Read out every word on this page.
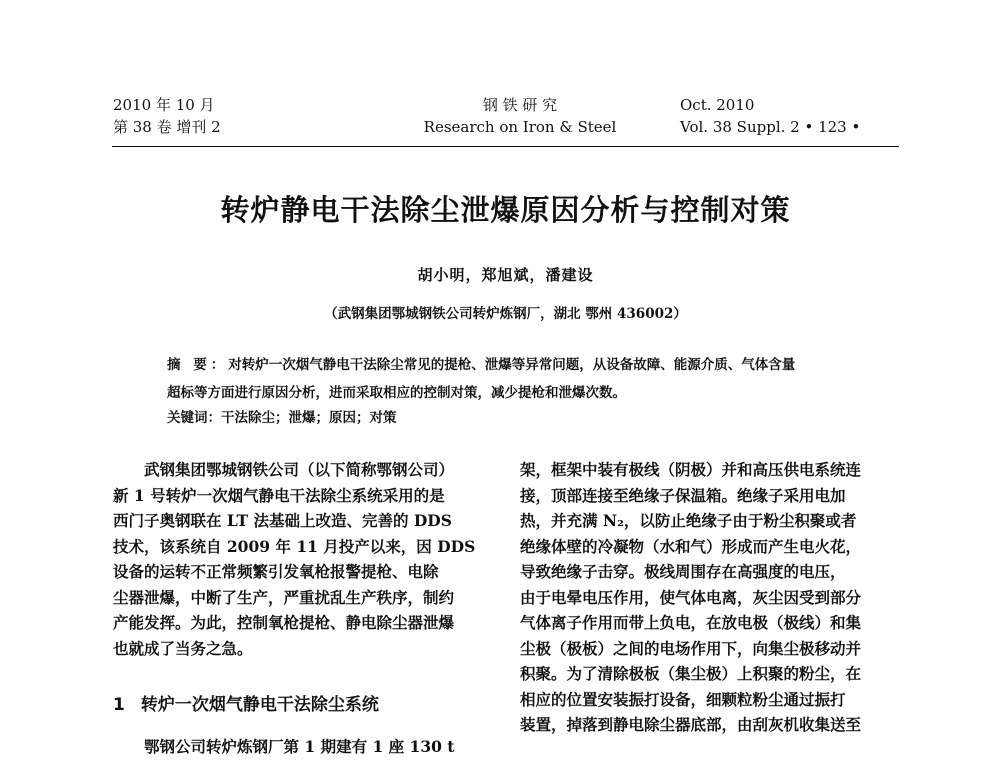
2010 年 10 月
第 38 卷 增刊 2
钢 铁 研 究
Research on Iron & Steel
Oct. 2010
Vol. 38 Suppl. 2 • 123 •
转炉静电干法除尘泄爆原因分析与控制对策
胡小明，郑旭斌，潘建设
（武钢集团鄂城钢铁公司转炉炼钢厂，湖北 鄂州 436002）
摘 要：对转炉一次烟气静电干法除尘常见的提枪、泄爆等异常问题，从设备故障、能源介质、气体含量
超标等方面进行原因分析，进而采取相应的控制对策，减少提枪和泄爆次数。
关键词：干法除尘；泄爆；原因；对策
武钢集团鄂城钢铁公司（以下简称鄂钢公司）
新 1 号转炉一次烟气静电干法除尘系统采用的是
西门子奥钢联在 LT 法基础上改造、完善的 DDS
技术，该系统自 2009 年 11 月投产以来，因 DDS
设备的运转不正常频繁引发氧枪报警提枪、电除
尘器泄爆，中断了生产，严重扰乱生产秩序，制约
产能发挥。为此，控制氧枪提枪、静电除尘器泄爆
也就成了当务之急。
1 转炉一次烟气静电干法除尘系统
鄂钢公司转炉炼钢厂第 1 期建有 1 座 130 t
架，框架中装有极线（阴极）并和高压供电系统连
接，顶部连接至绝缘子保温箱。绝缘子采用电加
热，并充满 N₂，以防止绝缘子由于粉尘积聚或者
绝缘体壁的冷凝物（水和气）形成而产生电火花，
导致绝缘子击穿。极线周围存在高强度的电压，
由于电晕电压作用，使气体电离，灰尘因受到部分
气体离子作用而带上负电，在放电极（极线）和集
尘极（极板）之间的电场作用下，向集尘极移动并
积聚。为了清除极板（集尘极）上积聚的粉尘，在
相应的位置安装振打设备，细颗粒粉尘通过振打
装置，掉落到静电除尘器底部，由刮灰机收集送至
